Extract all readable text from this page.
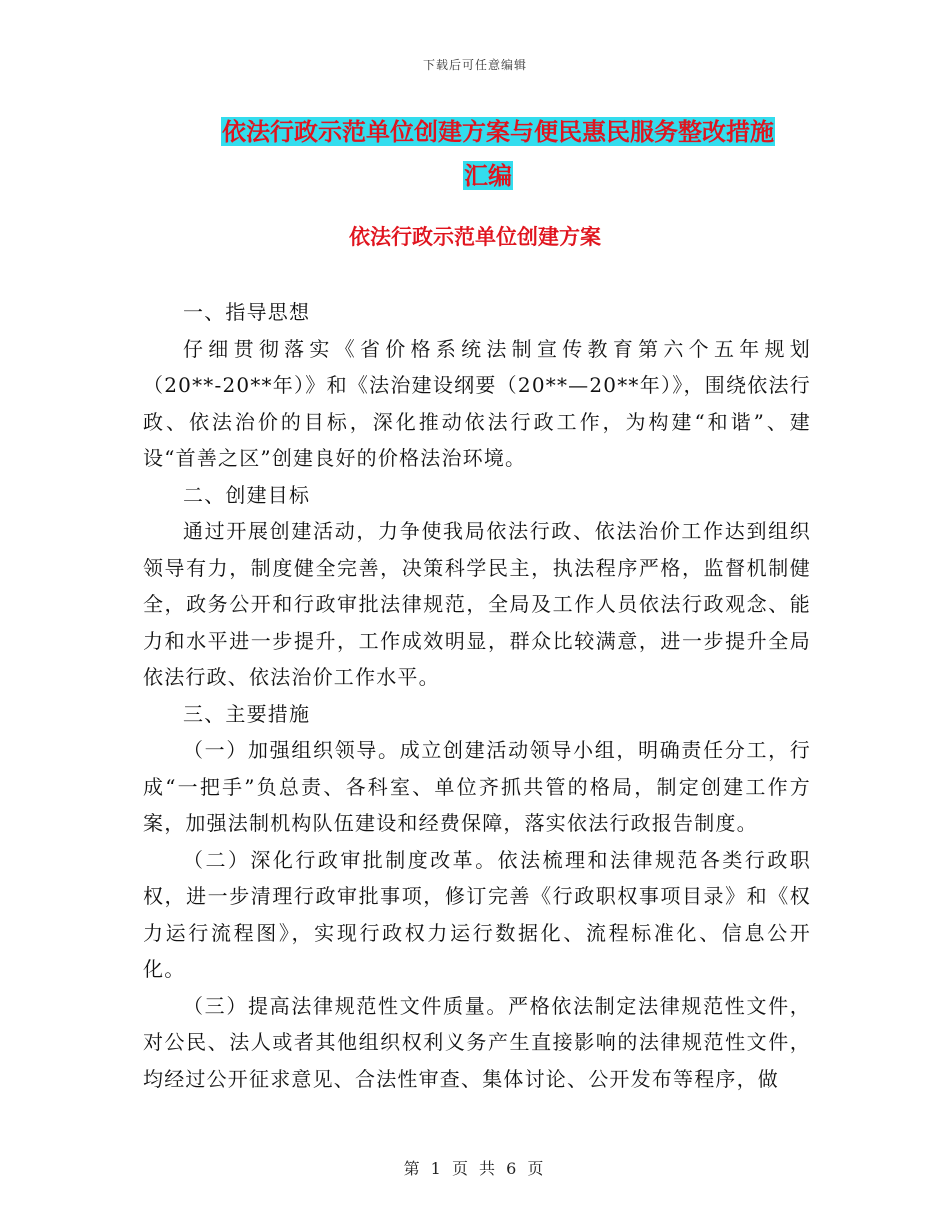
下载后可任意编辑
依法行政示范单位创建方案与便民惠民服务整改措施
汇编
依法行政示范单位创建方案

一、指导思想

仔细贯彻落实《省价格系统法制宣传教育第六个五年规划（20**-20**年）》和《法治建设纲要（20**—20**年）》，围绕依法行政、依法治价的目标，深化推动依法行政工作，为构建“和谐”、建设“首善之区”创建良好的价格法治环境。

二、创建目标

通过开展创建活动，力争使我局依法行政、依法治价工作达到组织领导有力，制度健全完善，决策科学民主，执法程序严格，监督机制健全，政务公开和行政审批法律规范，全局及工作人员依法行政观念、能力和水平进一步提升，工作成效明显，群众比较满意，进一步提升全局依法行政、依法治价工作水平。

三、主要措施

（一）加强组织领导。成立创建活动领导小组，明确责任分工，行成“一把手”负总责、各科室、单位齐抓共管的格局，制定创建工作方案，加强法制机构队伍建设和经费保障，落实依法行政报告制度。

（二）深化行政审批制度改革。依法梳理和法律规范各类行政职权，进一步清理行政审批事项，修订完善《行政职权事项目录》和《权力运行流程图》，实现行政权力运行数据化、流程标准化、信息公开化。

（三）提高法律规范性文件质量。严格依法制定法律规范性文件，对公民、法人或者其他组织权利义务产生直接影响的法律规范性文件，均经过公开征求意见、合法性审查、集体讨论、公开发布等程序，做

第 1 页 共 6 页
